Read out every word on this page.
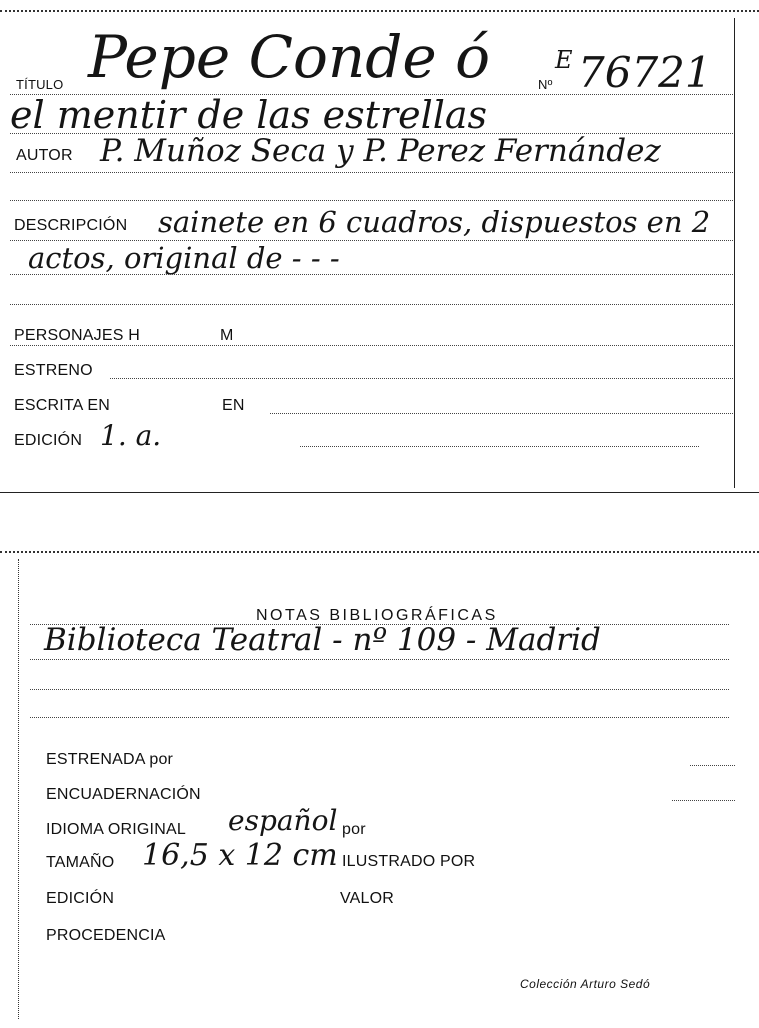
TÍTULO Pepe Conde ó	Nº
E 76721
el mentir de las estrellas
AUTOR P. Muñoz Seca y P. Perez Fernández
DESCRIPCIÓN sainete en 6 cuadros, dispuestos en 2
actos, original de - - -
PERSONAJES H	M
ESTRENO
ESCRITA EN	EN
EDICIÓN 1. a.
NOTAS BIBLIOGRÁFICAS
Biblioteca Teatral - nº 109 - Madrid
ESTRENADA por
ENCUADERNACIÓN
IDIOMA ORIGINAL español por
TAMAÑO 16,5 x 12 cm ILUSTRADO POR
EDICIÓN	VALOR
PROCEDENCIA
Colección Arturo Sedó
